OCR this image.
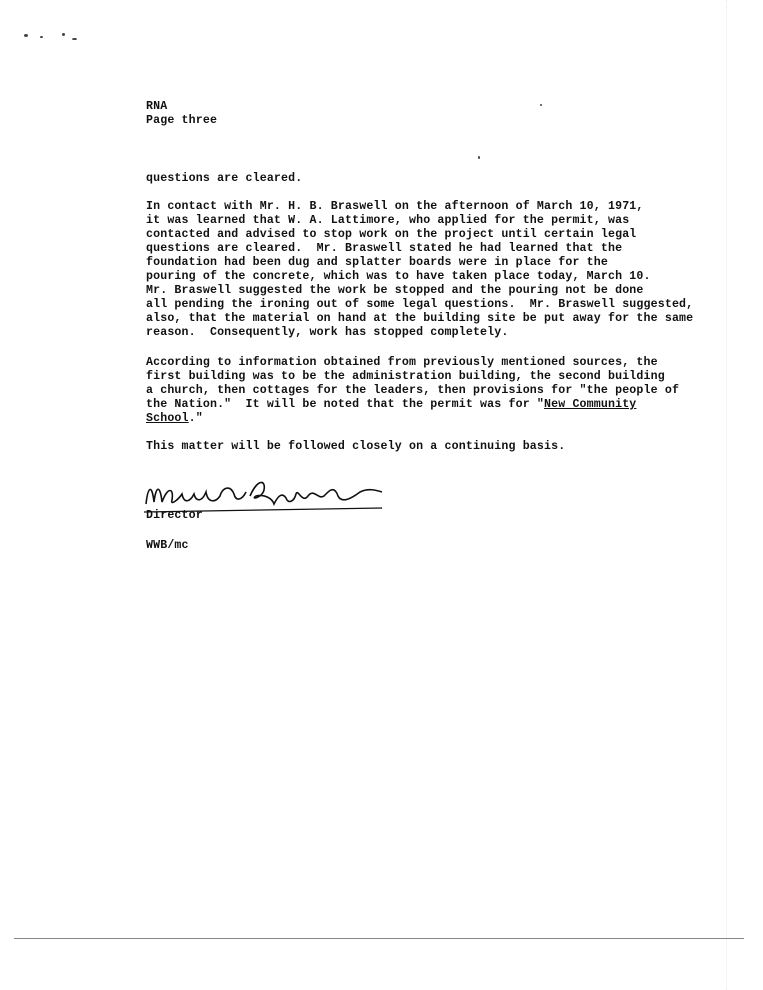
RNA
Page three
questions are cleared.
In contact with Mr. H. B. Braswell on the afternoon of March 10, 1971,
it was learned that W. A. Lattimore, who applied for the permit, was
contacted and advised to stop work on the project until certain legal
questions are cleared.  Mr. Braswell stated he had learned that the
foundation had been dug and splatter boards were in place for the
pouring of the concrete, which was to have taken place today, March 10.
Mr. Braswell suggested the work be stopped and the pouring not be done
all pending the ironing out of some legal questions.  Mr. Braswell suggested,
also, that the material on hand at the building site be put away for the same
reason.  Consequently, work has stopped completely.
According to information obtained from previously mentioned sources, the
first building was to be the administration building, the second building
a church, then cottages for the leaders, then provisions for "the people of
the Nation."  It will be noted that the permit was for "New Community
School."
This matter will be followed closely on a continuing basis.
Director
WWB/mc
